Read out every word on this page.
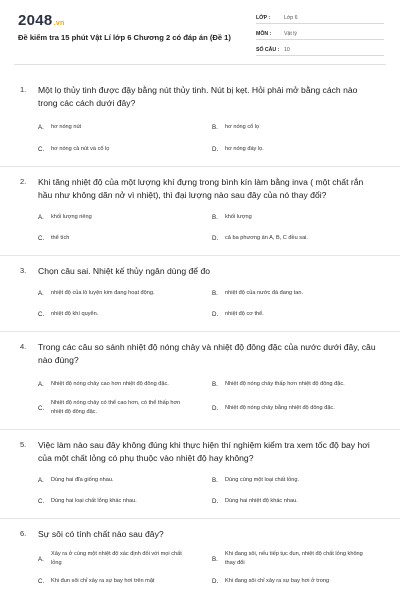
2048.vn
Đề kiểm tra 15 phút Vật Lí lớp 6 Chương 2 có đáp án (Đề 1)
LỚP :	Lớp 6
MÔN :	Vật lý
SỐ CÂU : 10
1.	Một lọ thủy tinh được đậy bằng nút thủy tinh. Nút bị kẹt. Hỏi phải mở bằng cách nào trong các cách dưới đây?
A.	hơ nóng nút	B.	hơ nóng cổ lọ
C.	hơ nóng cả nút và cổ lọ	D.	hơ nóng đáy lọ.
2.	Khi tăng nhiệt độ của một lượng khí đựng trong bình kín làm bằng inva ( một chất rắn hầu như không dãn nở vì nhiệt), thì đại lượng nào sau đây của nó thay đổi?
A.	khối lượng riêng	B.	khối lượng
C.	thể tích	D.	cả ba phương án A, B, C đều sai.
3.	Chọn câu sai. Nhiệt kế thủy ngân dùng để đo
A.	nhiệt độ của lò luyện kim đang hoạt động.	B.	nhiệt độ của nước đá đang tan.
C.	nhiệt độ khí quyển.	D.	nhiệt độ cơ thể.
4.	Trong các câu so sánh nhiệt độ nóng chảy và nhiệt độ đông đặc của nước dưới đây, câu nào đúng?
A.	Nhiệt độ nóng chảy cao hơn nhiệt độ đông đặc.	B.	Nhiệt độ nóng chảy thấp hơn nhiệt độ đông đặc.
C.
Nhiệt độ nóng chảy có thể cao hơn, có thể thấp hơn nhiệt độ đông đặc.
D.	Nhiệt độ nóng chảy bằng nhiệt độ đông đặc.
5.	Việc làm nào sau đây không đúng khi thực hiện thí nghiệm kiểm tra xem tốc độ bay hơi của một chất lỏng có phụ thuộc vào nhiệt độ hay không?
A.	Dùng hai đĩa giống nhau.	B.	Dùng cùng một loại chất lỏng.
C.	Dùng hai loại chất lỏng khác nhau.	D.	Dùng hai nhiệt độ khác nhau.
6.	Sự sôi có tính chất nào sau đây?
A.
Xảy ra ở cùng một nhiệt độ xác định đối với mọi chất lỏng
B.
Khi đang sôi, nếu tiếp tục đun, nhiệt độ chất lỏng không thay đổi
C.	Khi đun sôi chỉ xảy ra sự bay hơi trên mặt	D.	Khi đang sôi chỉ xảy ra sự bay hơi ở trong
